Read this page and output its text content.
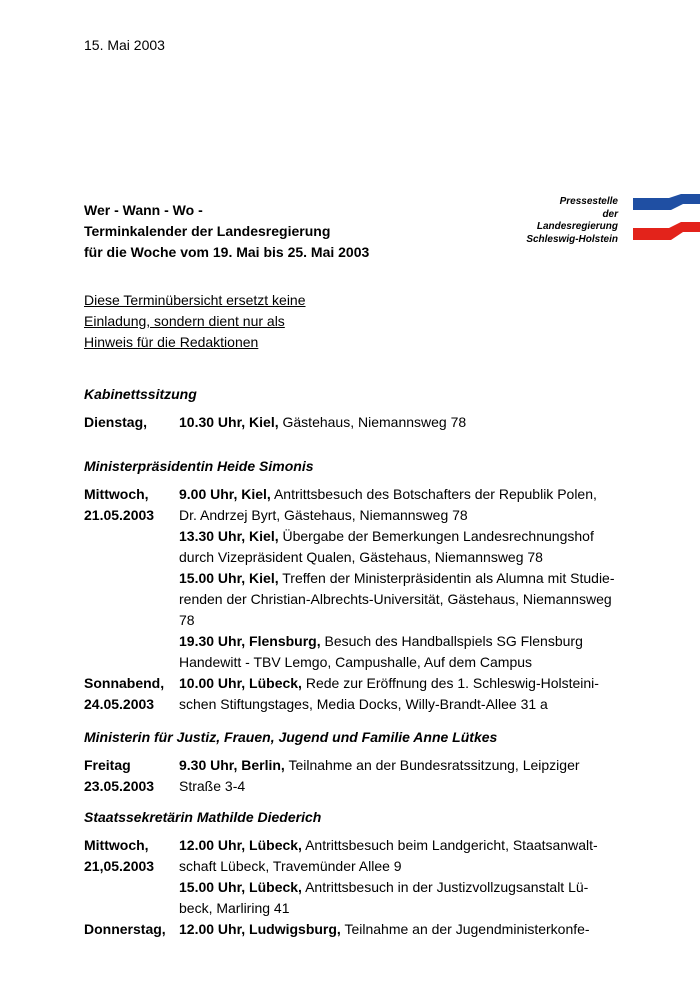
15. Mai 2003
Wer - Wann - Wo -
Terminkalender der Landesregierung
für die Woche vom 19. Mai bis 25. Mai 2003
Diese Terminübersicht ersetzt keine
Einladung, sondern dient nur als
Hinweis für die Redaktionen
Pressestelle
der
Landesregierung
Schleswig-Holstein
Kabinettssitzung
Dienstag,	10.30 Uhr, Kiel, Gästehaus, Niemannsweg 78
Ministerpräsidentin Heide Simonis
Mittwoch,
21.05.2003
9.00 Uhr, Kiel, Antrittsbesuch des Botschafters der Republik Polen,
Dr. Andrzej Byrt, Gästehaus, Niemannsweg 78
13.30 Uhr, Kiel, Übergabe der Bemerkungen Landesrechnungshof
durch Vizepräsident Qualen, Gästehaus, Niemannsweg 78
15.00 Uhr, Kiel, Treffen der Ministerpräsidentin als Alumna mit Studie-
renden der Christian-Albrechts-Universität, Gästehaus, Niemannsweg
78
19.30 Uhr, Flensburg, Besuch des Handballspiels SG Flensburg
Handewitt - TBV Lemgo, Campushalle, Auf dem Campus
Sonnabend,
24.05.2003
10.00 Uhr, Lübeck, Rede zur Eröffnung des 1. Schleswig-Holsteini-
schen Stiftungstages, Media Docks, Willy-Brandt-Allee 31 a
Ministerin für Justiz, Frauen, Jugend und Familie Anne Lütkes
Freitag
23.05.2003
9.30 Uhr, Berlin, Teilnahme an der Bundesratssitzung, Leipziger
Straße 3-4
Staatssekretärin Mathilde Diederich
Mittwoch,
21,05.2003
12.00 Uhr, Lübeck, Antrittsbesuch beim Landgericht, Staatsanwalt-
schaft Lübeck, Travemünder Allee 9
15.00 Uhr, Lübeck, Antrittsbesuch in der Justizvollzugsanstalt Lü-
beck, Marliring 41
Donnerstag, 12.00 Uhr, Ludwigsburg, Teilnahme an der Jugendministerkonfe-
